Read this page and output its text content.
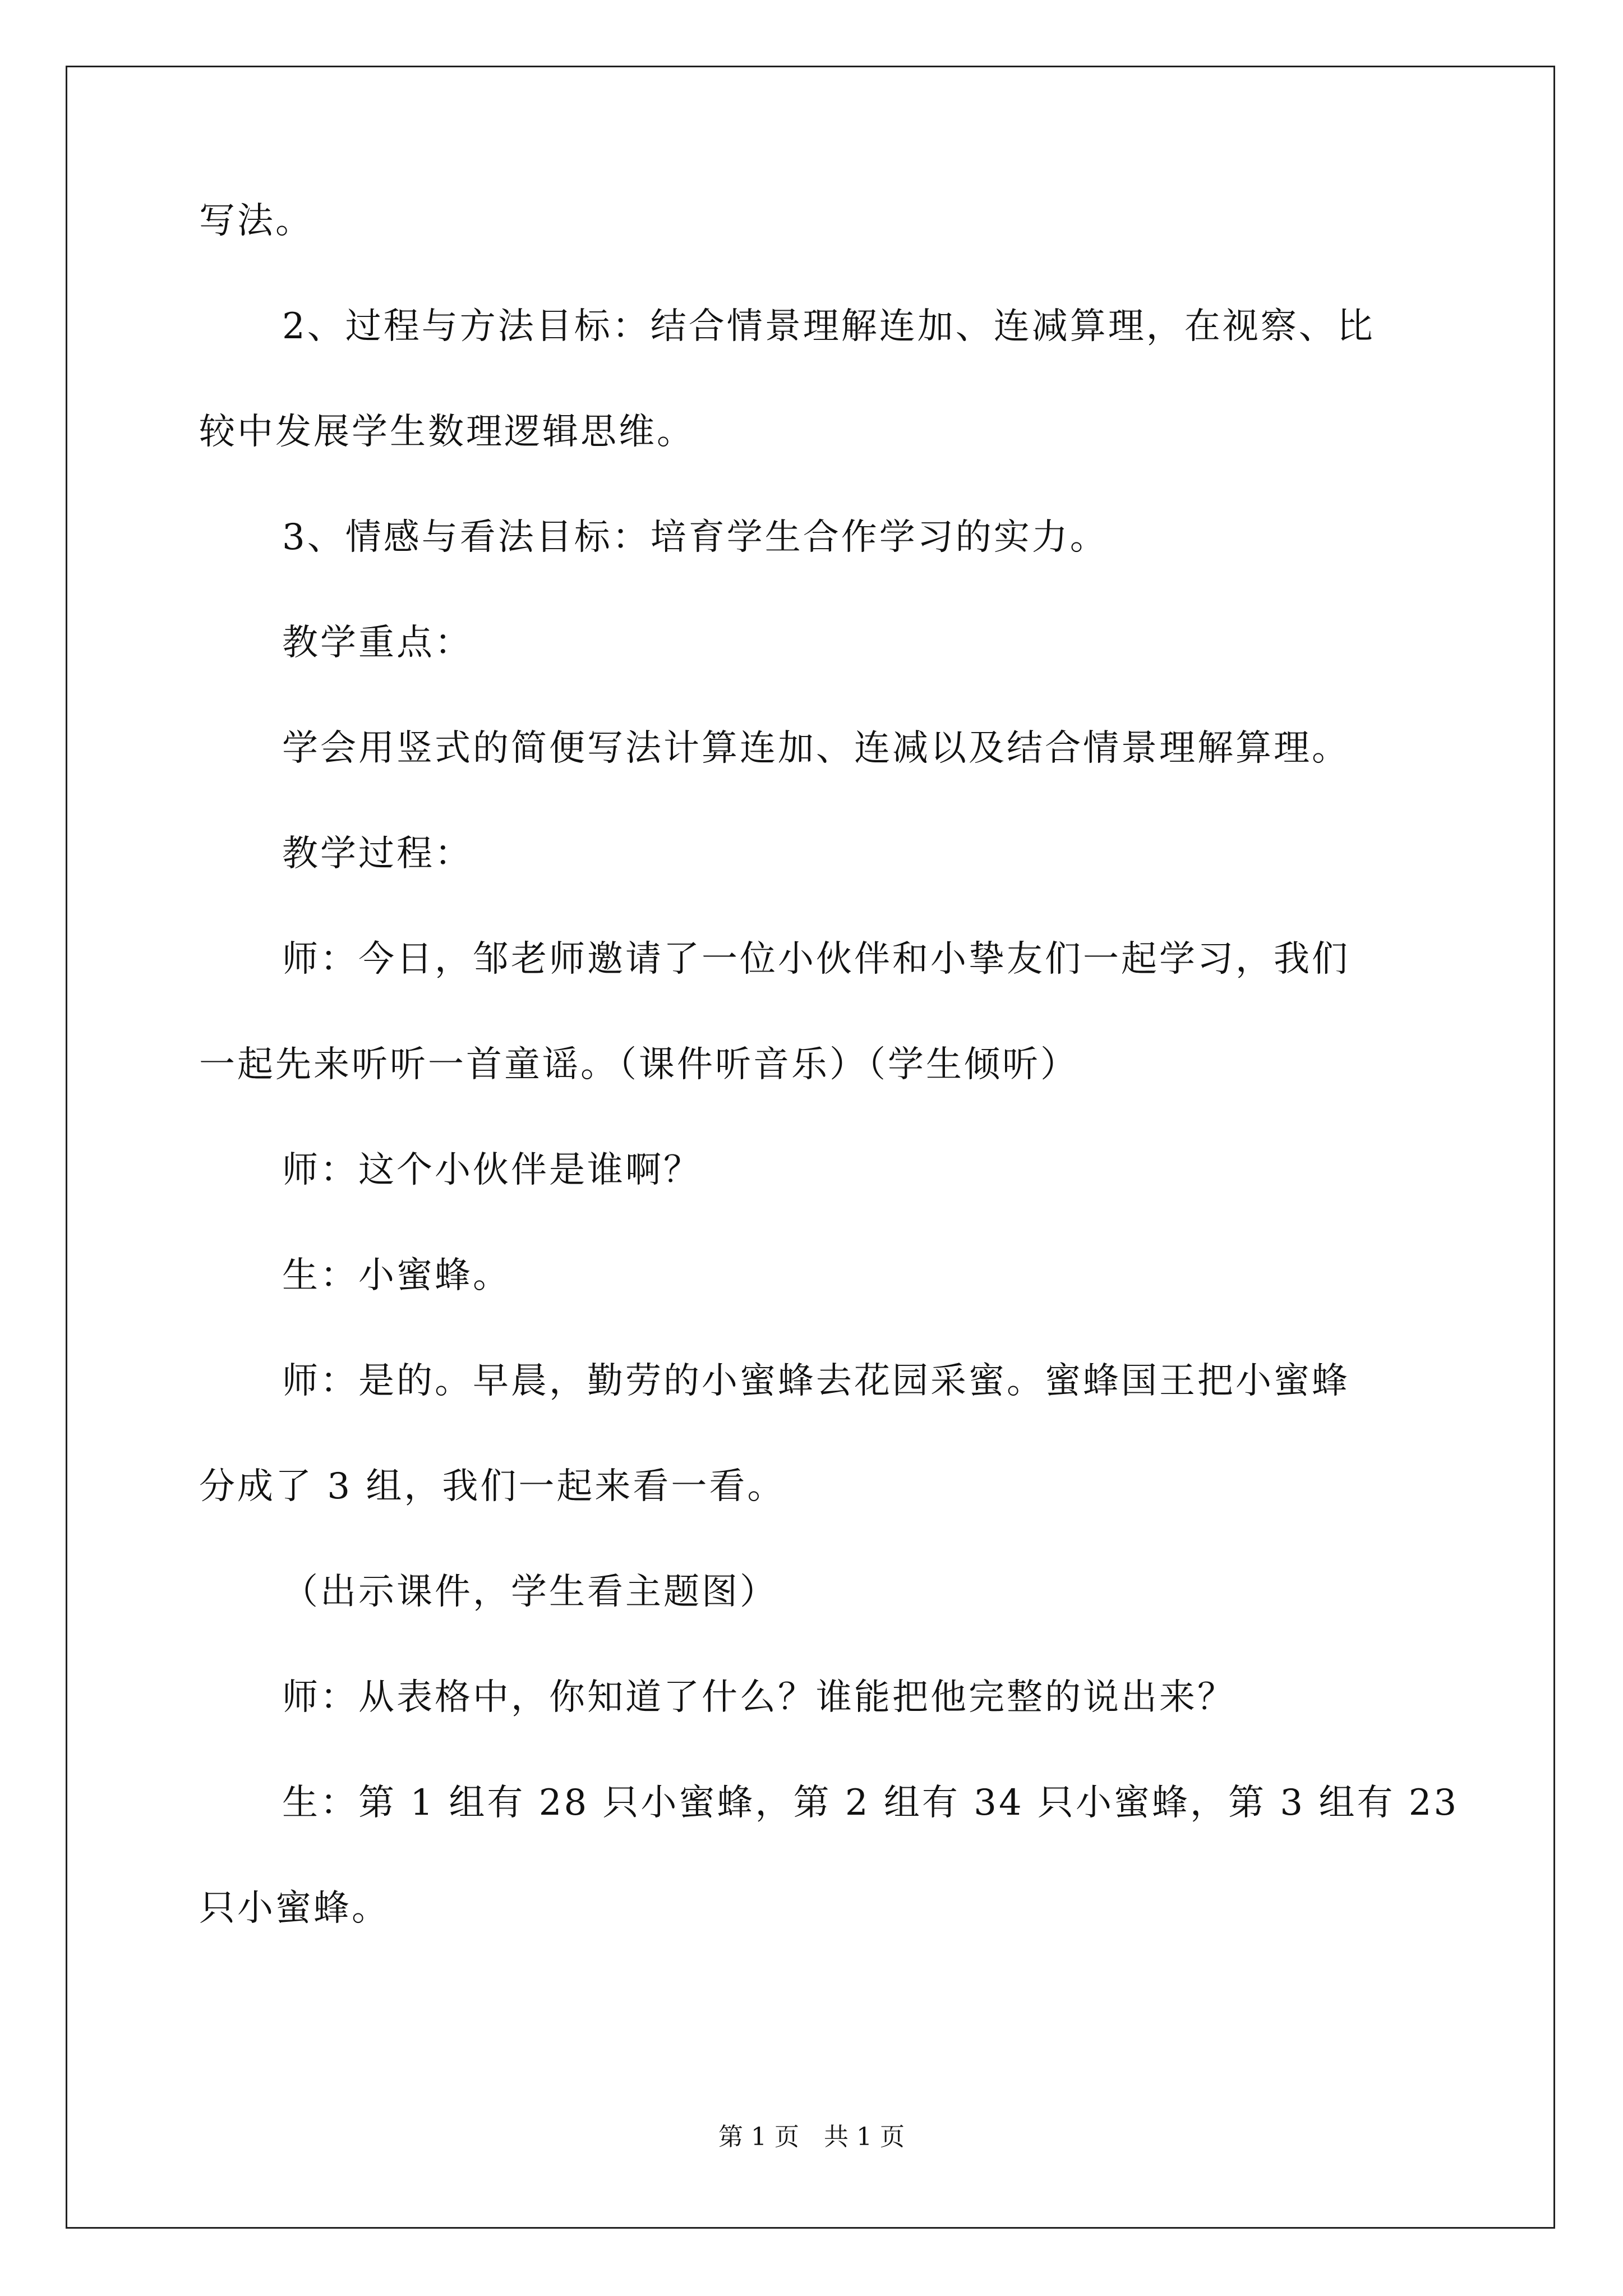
写法。
2、过程与方法目标：结合情景理解连加、连减算理，在视察、比
较中发展学生数理逻辑思维。
3、情感与看法目标：培育学生合作学习的实力。
教学重点：
学会用竖式的简便写法计算连加、连减以及结合情景理解算理。
教学过程：
师：今日，邹老师邀请了一位小伙伴和小挚友们一起学习，我们
一起先来听听一首童谣。（课件听音乐）（学生倾听）
师：这个小伙伴是谁啊？
生：小蜜蜂。
师：是的。早晨，勤劳的小蜜蜂去花园采蜜。蜜蜂国王把小蜜蜂
分成了 3 组，我们一起来看一看。
（出示课件，学生看主题图）
师：从表格中，你知道了什么？谁能把他完整的说出来？
生：第 1 组有 28 只小蜜蜂，第 2 组有 34 只小蜜蜂，第 3 组有 23
只小蜜蜂。
第 1 页　共 1 页
